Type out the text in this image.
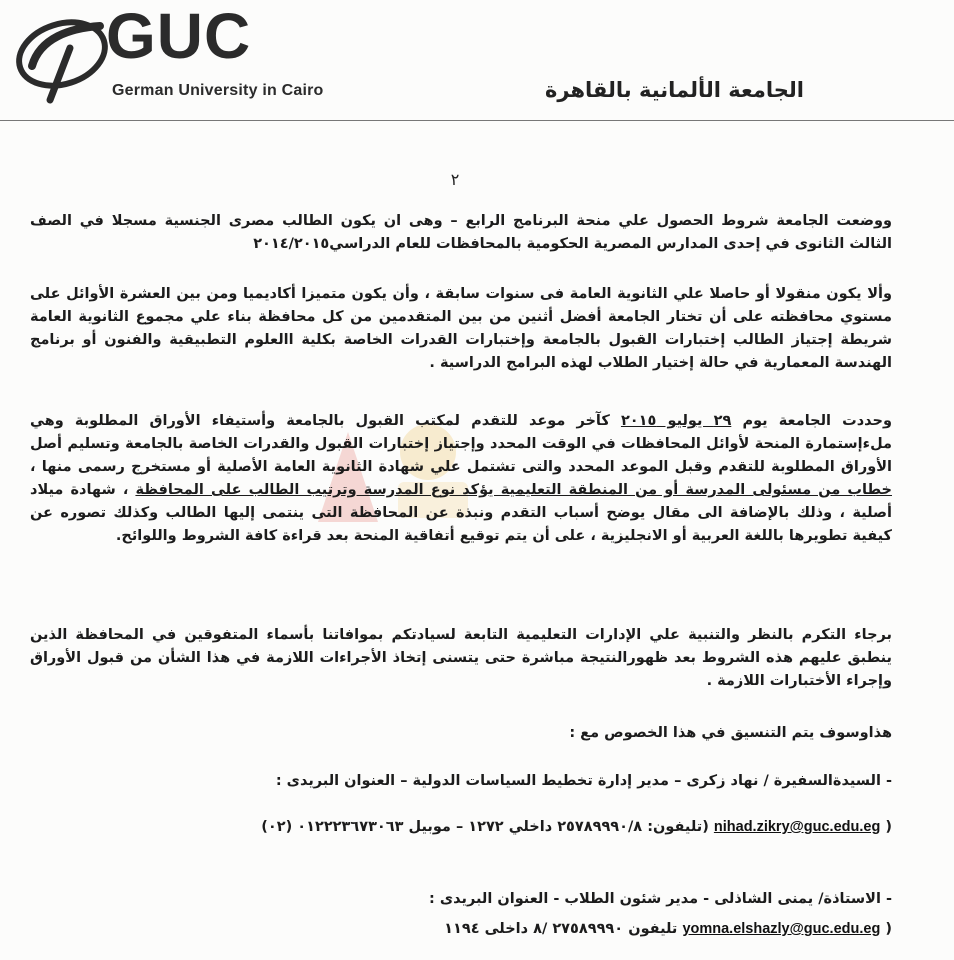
GUC
German University in Cairo	الجامعة الألمانية بالقاهرة
٢
ووضعت الجامعة شروط الحصول علي منحة البرنامج الرابع – وهى ان يكون الطالب مصرى الجنسية مسجلا في الصف الثالث الثانوى في إحدى المدارس المصرية الحكومية بالمحافظات للعام الدراسي٢٠١٤/٢٠١٥
وألا يكون منقولا أو حاصلا علي الثانوية العامة فى سنوات سابقة ، وأن يكون متميزا أكاديميا ومن بين العشرة الأوائل على مستوي محافظته على أن تختار الجامعة أفضل أثنين من بين المتقدمين من كل محافظة بناء علي مجموع الثانوية العامة شريطة إجتياز الطالب إختبارات القبول بالجامعة وإختبارات القدرات الخاصة بكلية االعلوم التطبيقية والفنون أو برنامج الهندسة المعمارية في حالة إختيار الطلاب لهذه البرامج الدراسية .
وحددت الجامعة يوم ٢٩ يوليو ٢٠١٥ كآخر موعد للتقدم لمكتب القبول بالجامعة وأستيفاء الأوراق المطلوبة وهي ملءإستمارة المنحة لأوائل المحافظات في الوقت المحدد وإجتياز إختبارات القبول والقدرات الخاصة بالجامعة وتسليم أصل الأوراق المطلوبة للتقدم وقبل الموعد المحدد والتى تشتمل علي شهادة الثانوية العامة الأصلية أو مستخرج رسمى منها ، خطاب من مسئولى المدرسة أو من المنطقة التعليمية يؤكد نوع المدرسة وترتيب الطالب على المحافظة ، شهادة ميلاد أصلية ، وذلك بالإضافة الى مقال يوضح أسباب التقدم ونبذة عن المحافظة التى ينتمى إليها الطالب وكذلك تصوره عن كيفية تطويرها باللغة العربية أو الانجليزية ، على أن يتم توقيع أتفاقية المنحة بعد قراءة كافة الشروط واللوائح.
برجاء التكرم بالنظر والتنبية علي الإدارات التعليمية التابعة لسيادتكم بموافاتنا بأسماء المتفوقين في المحافظة الذين ينطبق عليهم هذه الشروط بعد ظهورالنتيجة مباشرة حتى يتسنى إتخاذ الأجراءات اللازمة في هذا الشأن من قبول الأوراق وإجراء الأختبارات اللازمة .
هذاوسوف يتم التنسيق في هذا الخصوص مع :
- السيدةالسفيرة / نهاد زكرى – مدير إدارة تخطيط السياسات الدولية – العنوان البريدى :
( nihad.zikry@guc.edu.eg (تليفون: ٢٥٧٨٩٩٩٠/٨ داخلي ١٢٧٢ – موبيل ٠١٢٢٢٣٦٧٣٠٦٣ (٠٢)
- الاستاذة/ يمنى الشاذلى - مدير شئون الطلاب - العنوان البريدى :
( yomna.elshazly@guc.edu.eg تليفون ٢٧٥٨٩٩٩٠ /٨ داخلى ١١٩٤
